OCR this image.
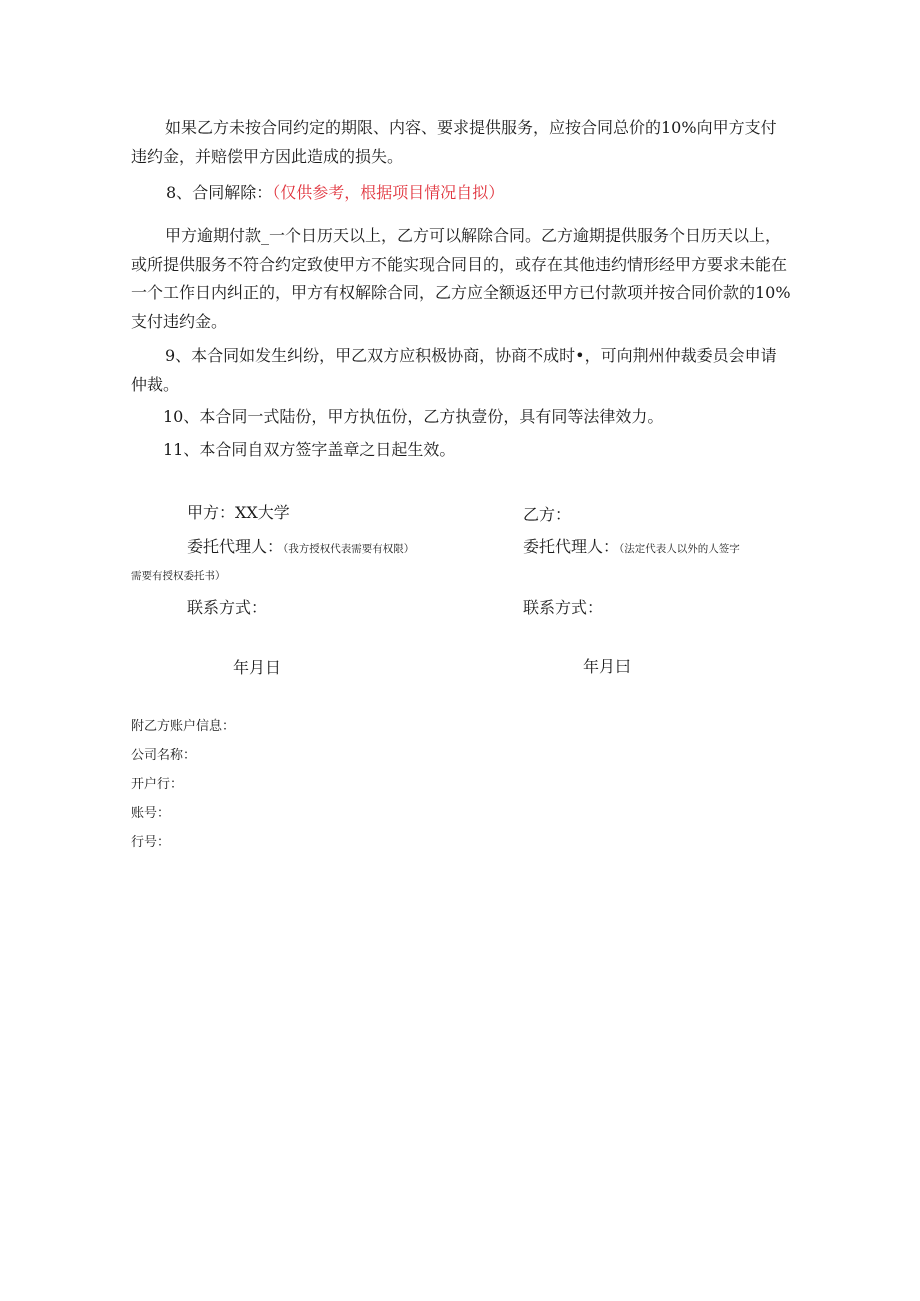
如果乙方未按合同约定的期限、内容、要求提供服务，应按合同总价的10%向甲方支付违约金，并赔偿甲方因此造成的损失。

8、合同解除：（仅供参考，根据项目情况自拟）

甲方逾期付款_一个日历天以上，乙方可以解除合同。乙方逾期提供服务个日历天以上，或所提供服务不符合约定致使甲方不能实现合同目的，或存在其他违约情形经甲方要求未能在一个工作日内纠正的，甲方有权解除合同，乙方应全额返还甲方已付款项并按合同价款的10%支付违约金。

9、本合同如发生纠纷，甲乙双方应积极协商，协商不成时•，可向荆州仲裁委员会申请仲裁。

10、本合同一式陆份，甲方执伍份，乙方执壹份，具有同等法律效力。

11、本合同自双方签字盖章之日起生效。

甲方：XX大学
委托代理人：（我方授权代表需要有权限）
乙方：
委托代理人：（法定代表人以外的人签字
需要有授权委托书）
联系方式：	联系方式：
年月日	年月曰
附乙方账户信息：
公司名称：
开户行：
账号：
行号：
